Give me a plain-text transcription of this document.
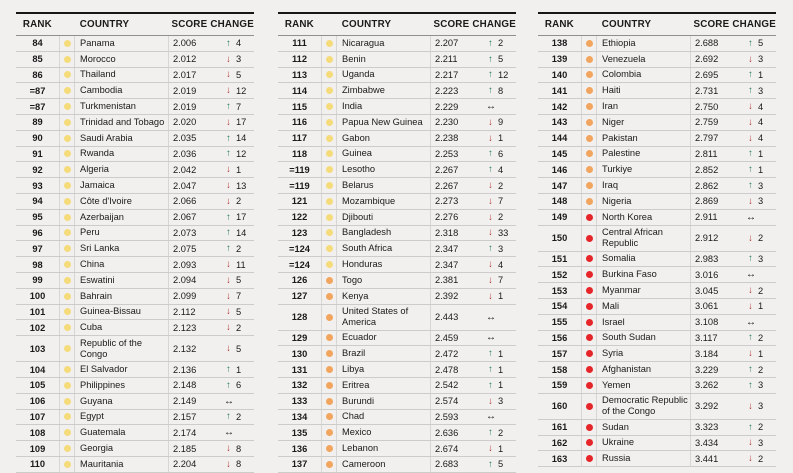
RANK	COUNTRY	SCORE CHANGE
84	Panama	2.006	↑ 4
85	Morocco	2.012	↓ 3
86	Thailand	2.017	↓ 5
=87	Cambodia	2.019	↓ 12
=87	Turkmenistan	2.019	↑ 7
89	Trinidad and Tobago 2.020	↓ 17
90	Saudi Arabia	2.035	↑ 14
91	Rwanda	2.036	↑ 12
92	Algeria	2.042	↓ 1
93	Jamaica	2.047	↓ 13
94	Côte d'Ivoire	2.066	↓ 2
95	Azerbaijan	2.067	↑ 17
96	Peru	2.073	↑ 14
97	Sri Lanka	2.075	↑ 2
98	China	2.093	↓ 11
99	Eswatini	2.094	↓ 5
100	Bahrain	2.099	↓ 7
101	Guinea-Bissau	2.112	↓ 5
102	Cuba	2.123	↓ 2
103
Republic of the Congo	2.132	↓ 5
104	El Salvador	2.136	↑ 1
105	Philippines	2.148	↑ 6
106	Guyana	2.149	↔
107	Egypt	2.157	↑ 2
108	Guatemala	2.174	↔
109	Georgia	2.185	↓ 8
110	Mauritania	2.204	↓ 8
RANK	COUNTRY	SCORE CHANGE
111	Nicaragua	2.207	↑ 2
112	Benin	2.211	↑ 5
113	Uganda	2.217	↑ 12
114	Zimbabwe	2.223	↑ 8
115	India	2.229	↔
116	Papua New Guinea	2.230	↓ 9
117	Gabon	2.238	↓ 1
118	Guinea	2.253	↑ 6
=119	Lesotho	2.267	↑ 4
=119	Belarus	2.267	↓ 2
121	Mozambique	2.273	↓ 7
122	Djibouti	2.276	↓ 2
123	Bangladesh	2.318	↓ 33
=124	South Africa	2.347	↑ 3
=124	Honduras	2.347	↓ 4
126	Togo	2.381	↓ 7
127	Kenya	2.392	↓ 1
128
United States of America	2.443	↔
129	Ecuador	2.459	↔
130	Brazil	2.472	↑ 1
131	Libya	2.478	↑ 1
132	Eritrea	2.542	↑ 1
133	Burundi	2.574	↓ 3
134	Chad	2.593	↔
135	Mexico	2.636	↑ 2
136	Lebanon	2.674	↓ 1
137	Cameroon	2.683	↑ 5
RANK	COUNTRY	SCORE CHANGE
138	Ethiopia	2.688	↑ 5
139	Venezuela	2.692	↓ 3
140	Colombia	2.695	↑ 1
141	Haiti	2.731	↑ 3
142	Iran	2.750	↓ 4
143	Niger	2.759	↓ 4
144	Pakistan	2.797	↓ 4
145	Palestine	2.811	↑ 1
146	Turkiye	2.852	↑ 1
147	Iraq	2.862	↑ 3
148	Nigeria	2.869	↓ 3
149	North Korea	2.911	↔
150
Central African Republic	2.912	↓ 2
151	Somalia	2.983	↑ 3
152	Burkina Faso	3.016	↔
153	Myanmar	3.045	↓ 2
154	Mali	3.061	↓ 1
155	Israel	3.108	↔
156	South Sudan	3.117	↑ 2
157	Syria	3.184	↓ 1
158	Afghanistan	3.229	↑ 2
159	Yemen	3.262	↑ 3
160
Democratic Republic of the Congo	3.292	↓ 3
161	Sudan	3.323	↑ 2
162	Ukraine	3.434	↓ 3
163	Russia	3.441	↓ 2
